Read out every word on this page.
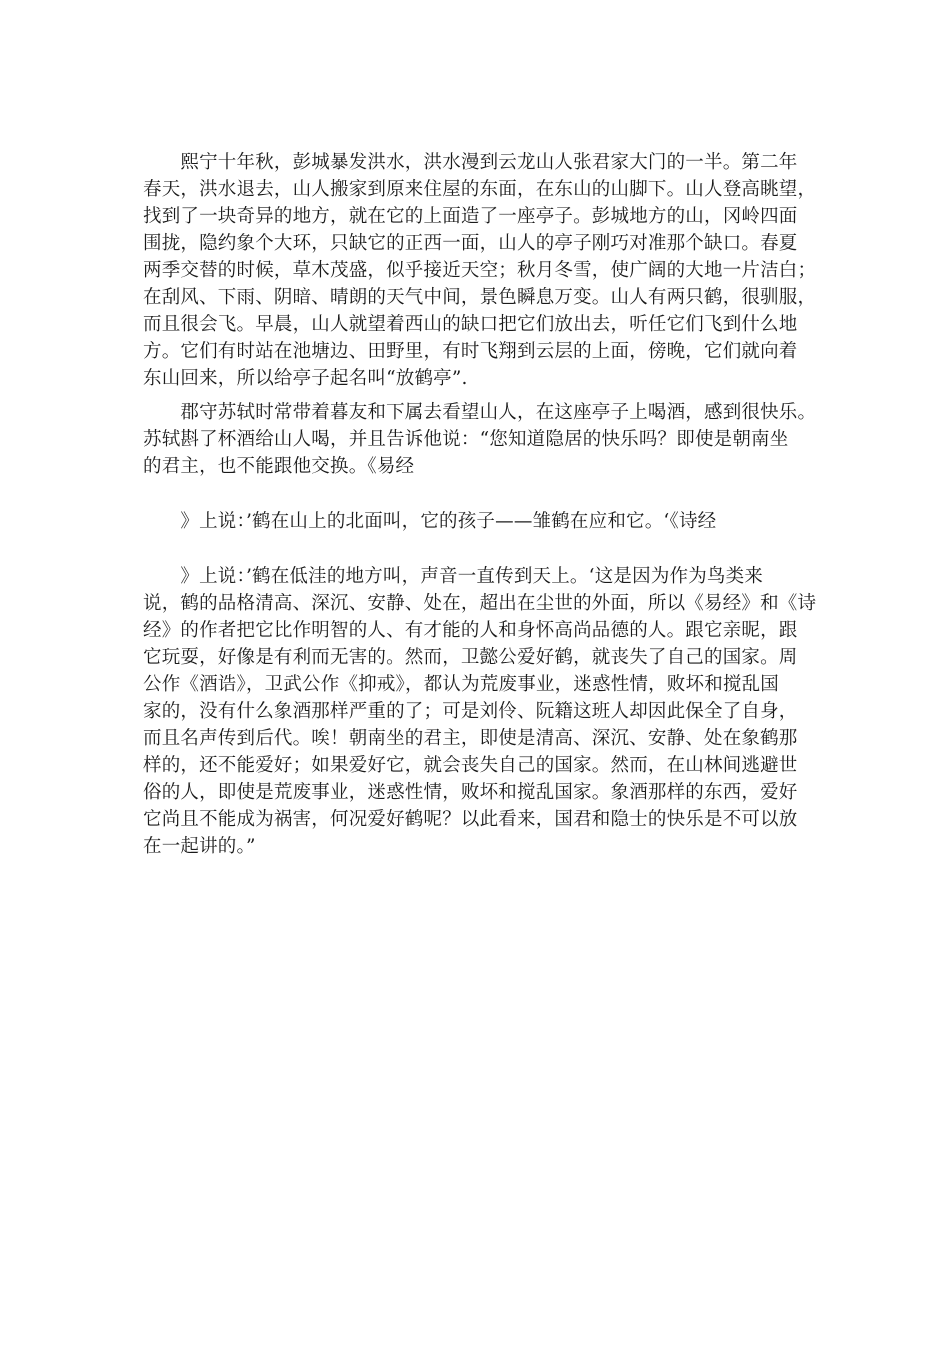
　　熙宁十年秋，彭城暴发洪水，洪水漫到云龙山人张君家大门的一半。第二年
春天，洪水退去，山人搬家到原来住屋的东面，在东山的山脚下。山人登高眺望，
找到了一块奇异的地方，就在它的上面造了一座亭子。彭城地方的山，冈岭四面
围拢，隐约象个大环，只缺它的正西一面，山人的亭子刚巧对准那个缺口。春夏
两季交替的时候，草木茂盛，似乎接近天空；秋月冬雪，使广阔的大地一片洁白；
在刮风、下雨、阴暗、晴朗的天气中间，景色瞬息万变。山人有两只鹤，很驯服，
而且很会飞。早晨，山人就望着西山的缺口把它们放出去，听任它们飞到什么地
方。它们有时站在池塘边、田野里，有时飞翔到云层的上面，傍晚，它们就向着
东山回来，所以给亭子起名叫“放鹤亭”.
　　郡守苏轼时常带着暮友和下属去看望山人，在这座亭子上喝酒，感到很快乐。
苏轼斟了杯酒给山人喝，并且告诉他说：“您知道隐居的快乐吗？即使是朝南坐
的君主，也不能跟他交换。《易经
　　》上说：’鹤在山上的北面叫，它的孩子——雏鹤在应和它。‘《诗经
　　》上说：’鹤在低洼的地方叫，声音一直传到天上。‘这是因为作为鸟类来
说，鹤的品格清高、深沉、安静、处在，超出在尘世的外面，所以《易经》和《诗
经》的作者把它比作明智的人、有才能的人和身怀高尚品德的人。跟它亲昵，跟
它玩耍，好像是有利而无害的。然而，卫懿公爱好鹤，就丧失了自己的国家。周
公作《酒诰》，卫武公作《抑戒》，都认为荒废事业，迷惑性情，败坏和搅乱国
家的，没有什么象酒那样严重的了；可是刘伶、阮籍这班人却因此保全了自身，
而且名声传到后代。唉！朝南坐的君主，即使是清高、深沉、安静、处在象鹤那
样的，还不能爱好；如果爱好它，就会丧失自己的国家。然而，在山林间逃避世
俗的人，即使是荒废事业，迷惑性情，败坏和搅乱国家。象酒那样的东西，爱好
它尚且不能成为祸害，何况爱好鹤呢？以此看来，国君和隐士的快乐是不可以放
在一起讲的。”
